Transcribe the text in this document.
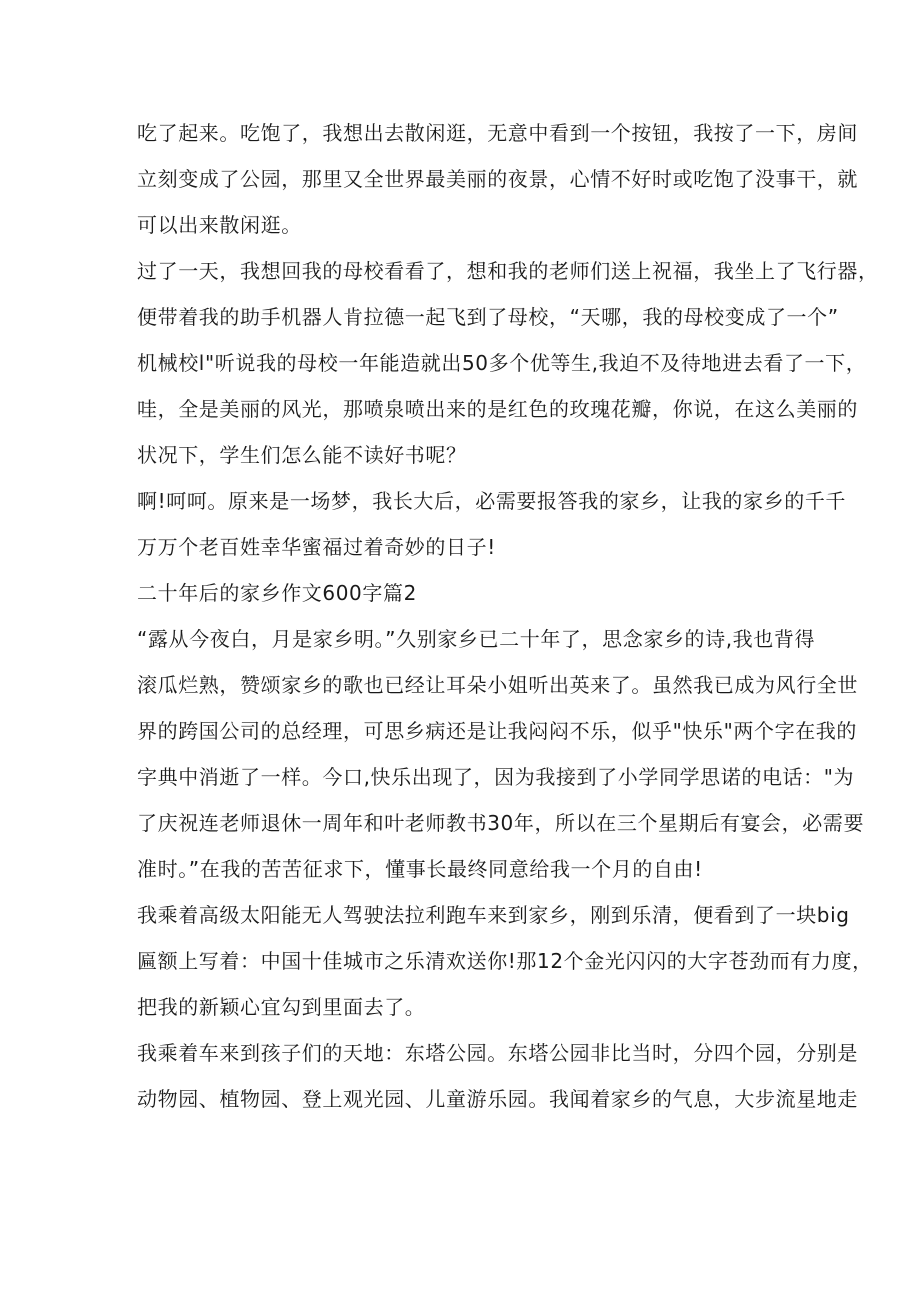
吃了起来。吃饱了，我想出去散闲逛，无意中看到一个按钮，我按了一下，房间
立刻变成了公园，那里又全世界最美丽的夜景，心情不好时或吃饱了没事干，就
可以出来散闲逛。
过了一天，我想回我的母校看看了，想和我的老师们送上祝福，我坐上了飞行器，
便带着我的助手机器人肯拉德一起飞到了母校，“天哪，我的母校变成了一个”
机械校l"听说我的母校一年能造就出50多个优等生,我迫不及待地进去看了一下，
哇，全是美丽的风光，那喷泉喷出来的是红色的玫瑰花瓣，你说，在这么美丽的
状况下，学生们怎么能不读好书呢？
啊!呵呵。原来是一场梦，我长大后，必需要报答我的家乡，让我的家乡的千千
万万个老百姓幸华蜜福过着奇妙的日子!
二十年后的家乡作文600字篇2
“露从今夜白，月是家乡明。”久别家乡已二十年了，思念家乡的诗,我也背得
滚瓜烂熟，赞颂家乡的歌也已经让耳朵小姐听出英来了。虽然我已成为风行全世
界的跨国公司的总经理，可思乡病还是让我闷闷不乐，似乎"快乐"两个字在我的
字典中消逝了一样。今口,快乐出现了，因为我接到了小学同学思诺的电话："为
了庆祝连老师退休一周年和叶老师教书30年，所以在三个星期后有宴会，必需要
准时。”在我的苦苦征求下，懂事长最终同意给我一个月的自由!
我乘着高级太阳能无人驾驶法拉利跑车来到家乡，刚到乐清，便看到了一块big
匾额上写着：中国十佳城市之乐清欢送你!那12个金光闪闪的大字苍劲而有力度，
把我的新颖心宜勾到里面去了。
我乘着车来到孩子们的天地：东塔公园。东塔公园非比当时，分四个园，分别是
动物园、植物园、登上观光园、儿童游乐园。我闻着家乡的气息，大步流星地走
